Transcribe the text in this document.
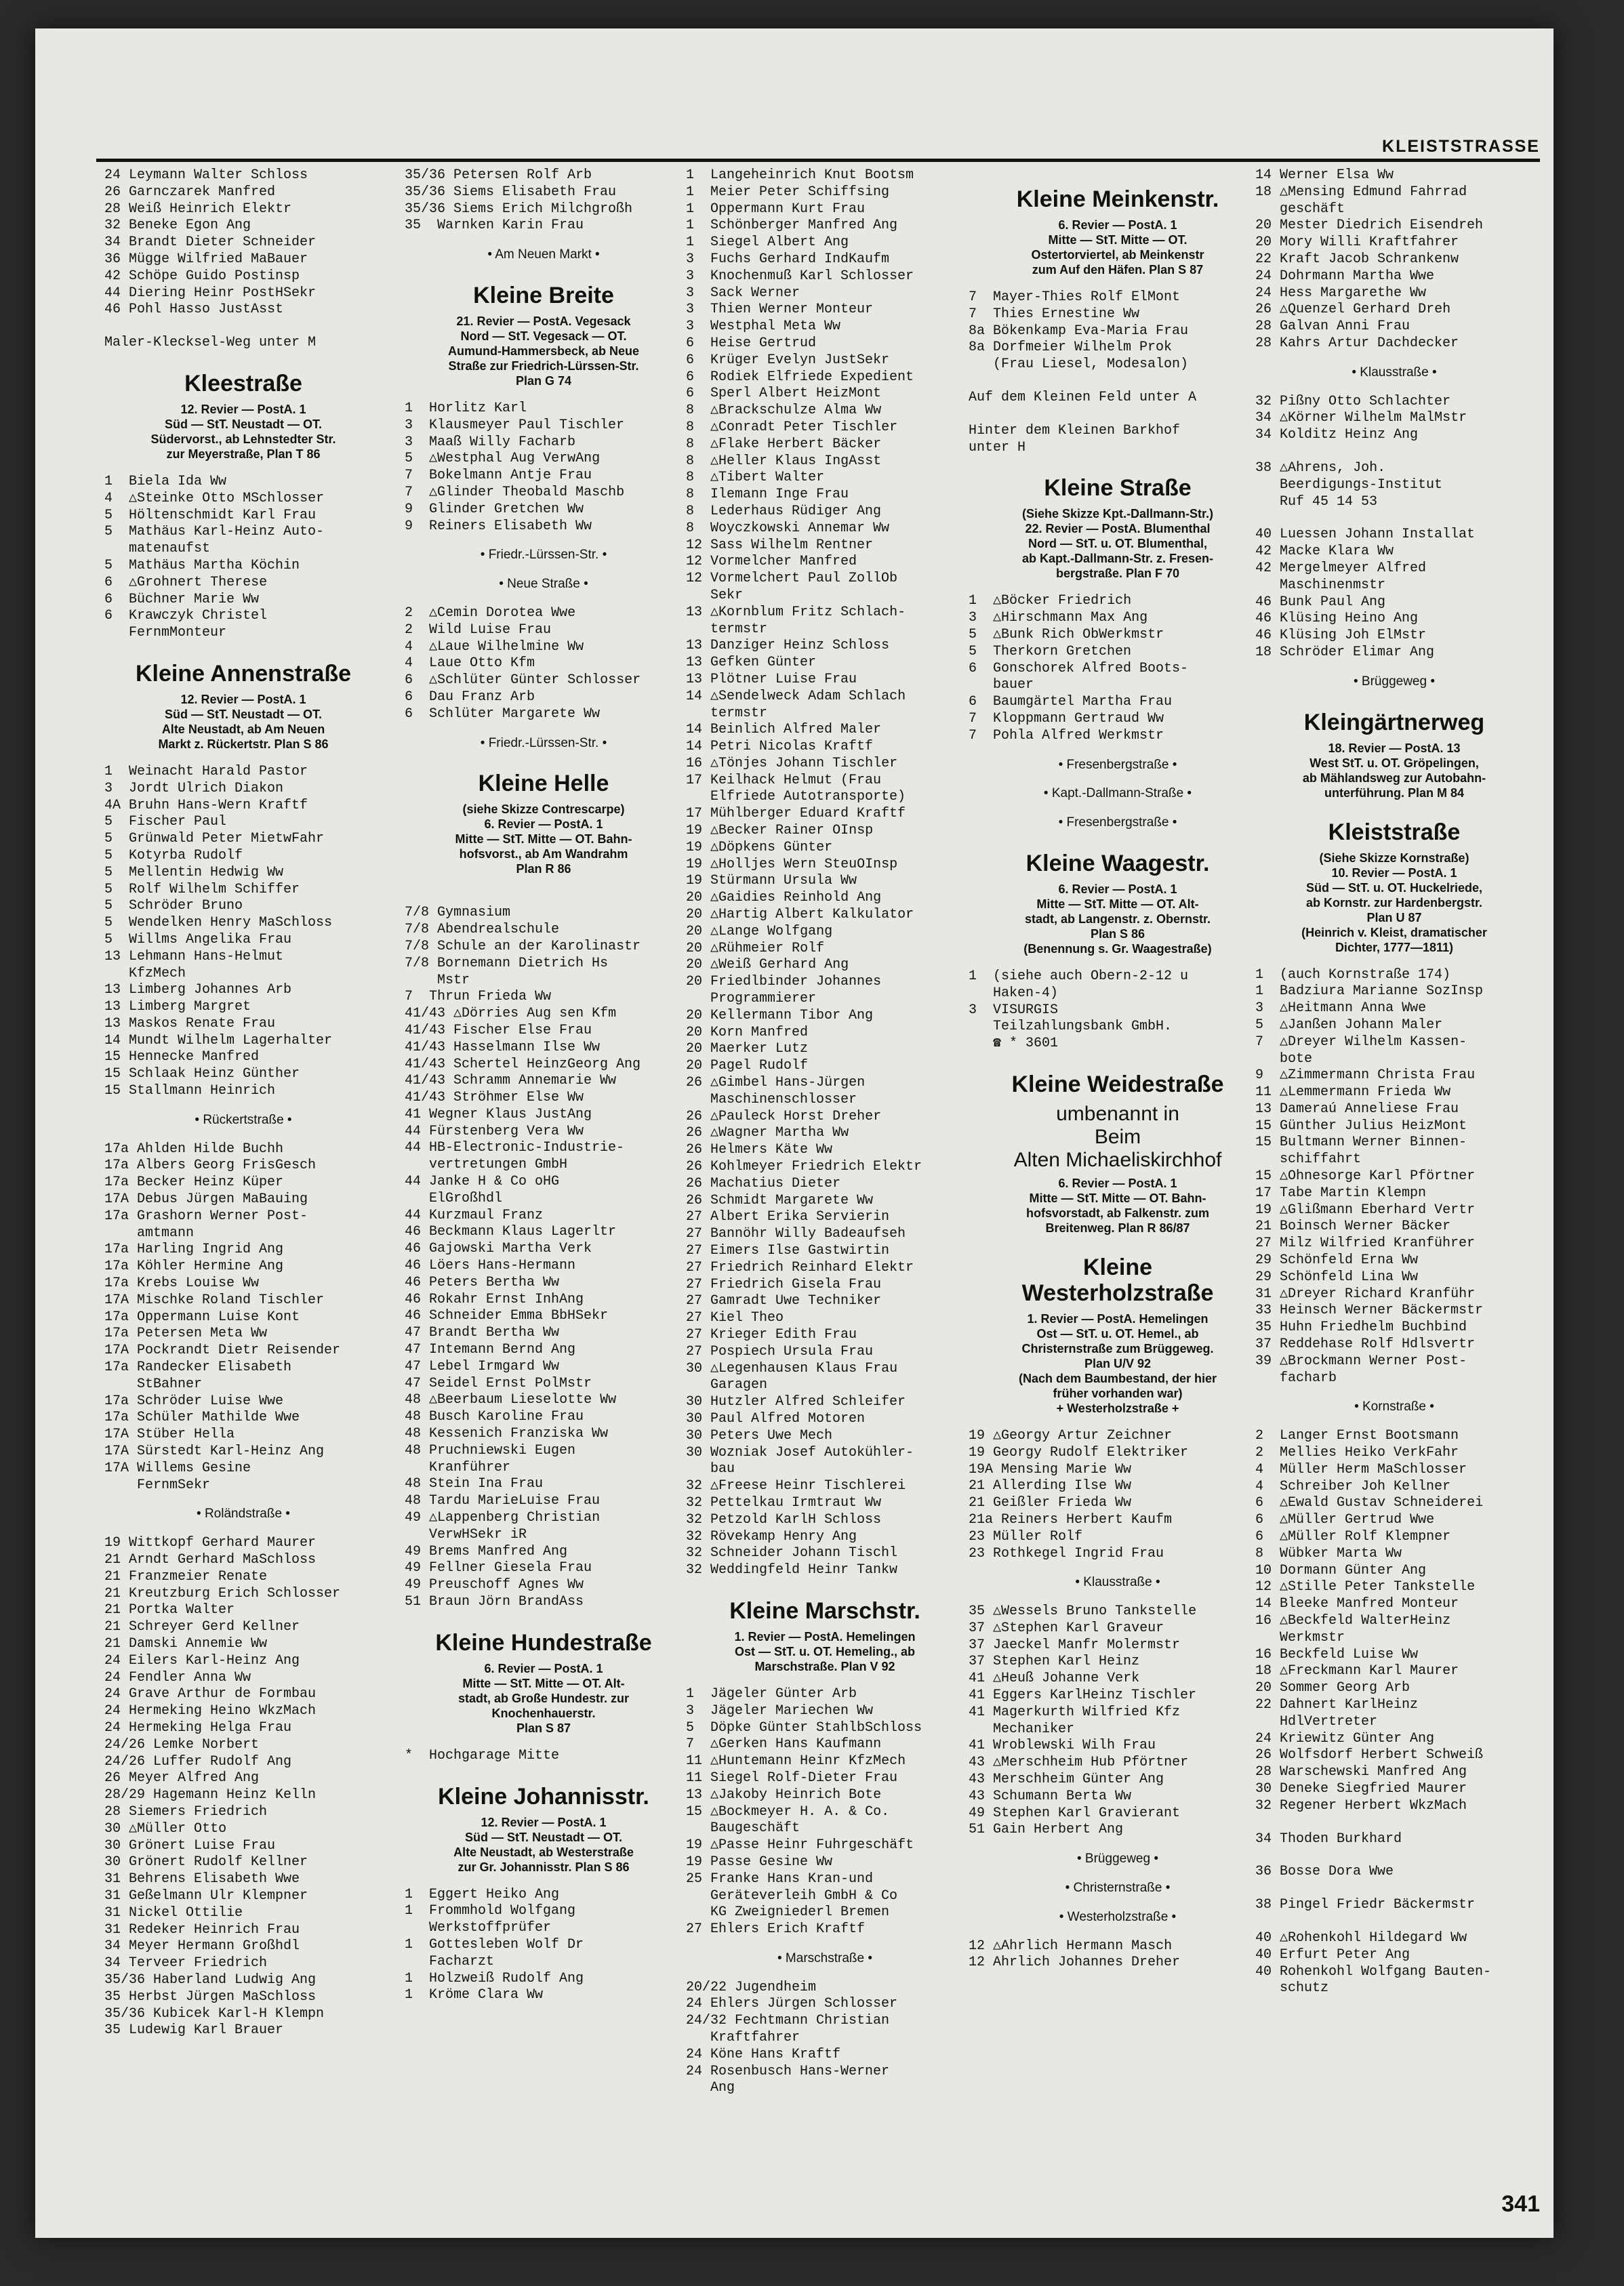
KLEISTSTRASSE
24 Leymann Walter Schloss
26 Garnczarek Manfred
28 Weiß Heinrich Elektr
32 Beneke Egon Ang
34 Brandt Dieter Schneider
36 Mügge Wilfried MaBauer
42 Schöpe Guido Postinsp
44 Diering Heinr PostHSekr
46 Pohl Hasso JustAsst
Maler-Klecksel-Weg unter M
Kleestraße
12. Revier — PostA. 1
Süd — StT. Neustadt — OT.
Südervorst., ab Lehnstedter Str.
zur Meyerstraße, Plan T 86
1  Biela Ida Ww
4  △Steinke Otto MSchlosser
5  Höltenschmidt Karl Frau
5  Mathäus Karl-Heinz Auto-
matenaufst
5  Mathäus Martha Köchin
6  △Grohnert Therese
6  Büchner Marie Ww
6  Krawczyk Christel
FernmMonteur
Kleine Annenstraße
12. Revier — PostA. 1
Süd — StT. Neustadt — OT.
Alte Neustadt, ab Am Neuen
Markt z. Rückertstr. Plan S 86
1  Weinacht Harald Pastor
3  Jordt Ulrich Diakon
4A Bruhn Hans-Wern Kraftf
5  Fischer Paul
5  Grünwald Peter MietwFahr
5  Kotyrba Rudolf
5  Mellentin Hedwig Ww
5  Rolf Wilhelm Schiffer
5  Schröder Bruno
5  Wendelken Henry MaSchloss
5  Willms Angelika Frau
13 Lehmann Hans-Helmut
KfzMech
13 Limberg Johannes Arb
13 Limberg Margret
13 Maskos Renate Frau
14 Mundt Wilhelm Lagerhalter
15 Hennecke Manfred
15 Schlaak Heinz Günther
15 Stallmann Heinrich
• Rückertstraße •
17a Ahlden Hilde Buchh
17a Albers Georg FrisGesch
17a Becker Heinz Küper
17A Debus Jürgen MaBauing
17a Grashorn Werner Post-
amtmann
17a Harling Ingrid Ang
17a Köhler Hermine Ang
17a Krebs Louise Ww
17A Mischke Roland Tischler
17a Oppermann Luise Kont
17a Petersen Meta Ww
17A Pockrandt Dietr Reisender
17a Randecker Elisabeth
StBahner
17a Schröder Luise Wwe
17a Schüler Mathilde Wwe
17A Stüber Hella
17A Sürstedt Karl-Heinz Ang
17A Willems Gesine
FernmSekr
• Roländstraße •
19 Wittkopf Gerhard Maurer
21 Arndt Gerhard MaSchloss
21 Franzmeier Renate
21 Kreutzburg Erich Schlosser
21 Portka Walter
21 Schreyer Gerd Kellner
21 Damski Annemie Ww
24 Eilers Karl-Heinz Ang
24 Fendler Anna Ww
24 Grave Arthur de Formbau
24 Hermeking Heino WkzMach
24 Hermeking Helga Frau
24/26 Lemke Norbert
24/26 Luffer Rudolf Ang
26 Meyer Alfred Ang
28/29 Hagemann Heinz Kelln
28 Siemers Friedrich
30 △Müller Otto
30 Grönert Luise Frau
30 Grönert Rudolf Kellner
31 Behrens Elisabeth Wwe
31 Geßelmann Ulr Klempner
31 Nickel Ottilie
31 Redeker Heinrich Frau
34 Meyer Hermann Großhdl
34 Terveer Friedrich
35/36 Haberland Ludwig Ang
35 Herbst Jürgen MaSchloss
35/36 Kubicek Karl-H Klempn
35 Ludewig Karl Brauer
35/36 Petersen Rolf Arb
35/36 Siems Elisabeth Frau
35/36 Siems Erich Milchgroßh
35  Warnken Karin Frau
• Am Neuen Markt •
Kleine Breite
21. Revier — PostA. Vegesack
Nord — StT. Vegesack — OT.
Aumund-Hammersbeck, ab Neue
Straße zur Friedrich-Lürssen-Str.
Plan G 74
1  Horlitz Karl
3  Klausmeyer Paul Tischler
3  Maaß Willy Facharb
5  △Westphal Aug VerwAng
7  Bokelmann Antje Frau
7  △Glinder Theobald Maschb
9  Glinder Gretchen Ww
9  Reiners Elisabeth Ww
• Friedr.-Lürssen-Str. •
• Neue Straße •
2  △Cemin Dorotea Wwe
2  Wild Luise Frau
4  △Laue Wilhelmine Ww
4  Laue Otto Kfm
6  △Schlüter Günter Schlosser
6  Dau Franz Arb
6  Schlüter Margarete Ww
• Friedr.-Lürssen-Str. •
Kleine Helle
(siehe Skizze Contrescarpe)
6. Revier — PostA. 1
Mitte — StT. Mitte — OT. Bahn-
hofsvorst., ab Am Wandrahm
Plan R 86
7/8 Gymnasium
7/8 Abendrealschule
7/8 Schule an der Karolinastr
7/8 Bornemann Dietrich Hs
Mstr
7  Thrun Frieda Ww
41/43 △Dörries Aug sen Kfm
41/43 Fischer Else Frau
41/43 Hasselmann Ilse Ww
41/43 Schertel HeinzGeorg Ang
41/43 Schramm Annemarie Ww
41/43 Ströhmer Else Ww
41 Wegner Klaus JustAng
44 Fürstenberg Vera Ww
44 HB-Electronic-Industrie-
vertretungen GmbH
44 Janke H & Co oHG
ElGroßhdl
44 Kurzmaul Franz
46 Beckmann Klaus Lagerltr
46 Gajowski Martha Verk
46 Löers Hans-Hermann
46 Peters Bertha Ww
46 Rokahr Ernst InhAng
46 Schneider Emma BbHSekr
47 Brandt Bertha Ww
47 Intemann Bernd Ang
47 Lebel Irmgard Ww
47 Seidel Ernst PolMstr
48 △Beerbaum Lieselotte Ww
48 Busch Karoline Frau
48 Kessenich Franziska Ww
48 Pruchniewski Eugen
Kranführer
48 Stein Ina Frau
48 Tardu MarieLuise Frau
49 △Lappenberg Christian
VerwHSekr iR
49 Brems Manfred Ang
49 Fellner Giesela Frau
49 Preuschoff Agnes Ww
51 Braun Jörn BrandAss
Kleine Hundestraße
6. Revier — PostA. 1
Mitte — StT. Mitte — OT. Alt-
stadt, ab Große Hundestr. zur
Knochenhauerstr.
Plan S 87
*  Hochgarage Mitte
Kleine Johannisstr.
12. Revier — PostA. 1
Süd — StT. Neustadt — OT.
Alte Neustadt, ab Westerstraße
zur Gr. Johannisstr. Plan S 86
1  Eggert Heiko Ang
1  Frommhold Wolfgang
Werkstoffprüfer
1  Gottesleben Wolf Dr
Facharzt
1  Holzweiß Rudolf Ang
1  Kröme Clara Ww
1  Langeheinrich Knut Bootsm
1  Meier Peter Schiffsing
1  Oppermann Kurt Frau
1  Schönberger Manfred Ang
1  Siegel Albert Ang
3  Fuchs Gerhard IndKaufm
3  Knochenmuß Karl Schlosser
3  Sack Werner
3  Thien Werner Monteur
3  Westphal Meta Ww
6  Heise Gertrud
6  Krüger Evelyn JustSekr
6  Rodiek Elfriede Expedient
6  Sperl Albert HeizMont
8  △Brackschulze Alma Ww
8  △Conradt Peter Tischler
8  △Flake Herbert Bäcker
8  △Heller Klaus IngAsst
8  △Tibert Walter
8  Ilemann Inge Frau
8  Lederhaus Rüdiger Ang
8  Woyczkowski Annemar Ww
12 Sass Wilhelm Rentner
12 Vormelcher Manfred
12 Vormelchert Paul ZollOb
Sekr
13 △Kornblum Fritz Schlach-
termstr
13 Danziger Heinz Schloss
13 Gefken Günter
13 Plötner Luise Frau
14 △Sendelweck Adam Schlach
termstr
14 Beinlich Alfred Maler
14 Petri Nicolas Kraftf
16 △Tönjes Johann Tischler
17 Keilhack Helmut (Frau
Elfriede Autotransporte)
17 Mühlberger Eduard Kraftf
19 △Becker Rainer OInsp
19 △Döpkens Günter
19 △Holljes Wern SteuOInsp
19 Stürmann Ursula Ww
20 △Gaidies Reinhold Ang
20 △Hartig Albert Kalkulator
20 △Lange Wolfgang
20 △Rühmeier Rolf
20 △Weiß Gerhard Ang
20 Friedlbinder Johannes
Programmierer
20 Kellermann Tibor Ang
20 Korn Manfred
20 Maerker Lutz
20 Pagel Rudolf
26 △Gimbel Hans-Jürgen
Maschinenschlosser
26 △Pauleck Horst Dreher
26 △Wagner Martha Ww
26 Helmers Käte Ww
26 Kohlmeyer Friedrich Elektr
26 Machatius Dieter
26 Schmidt Margarete Ww
27 Albert Erika Servierin
27 Bannöhr Willy Badeaufseh
27 Eimers Ilse Gastwirtin
27 Friedrich Reinhard Elektr
27 Friedrich Gisela Frau
27 Gamradt Uwe Techniker
27 Kiel Theo
27 Krieger Edith Frau
27 Pospiech Ursula Frau
30 △Legenhausen Klaus Frau
Garagen
30 Hutzler Alfred Schleifer
30 Paul Alfred Motoren
30 Peters Uwe Mech
30 Wozniak Josef Autokühler-
bau
32 △Freese Heinr Tischlerei
32 Pettelkau Irmtraut Ww
32 Petzold KarlH Schloss
32 Rövekamp Henry Ang
32 Schneider Johann Tischl
32 Weddingfeld Heinr Tankw
Kleine Marschstr.
1. Revier — PostA. Hemelingen
Ost — StT. u. OT. Hemeling., ab
Marschstraße. Plan V 92
1  Jägeler Günter Arb
3  Jägeler Mariechen Ww
5  Döpke Günter StahlbSchloss
7  △Gerken Hans Kaufmann
11 △Huntemann Heinr KfzMech
11 Siegel Rolf-Dieter Frau
13 △Jakoby Heinrich Bote
15 △Bockmeyer H. A. & Co.
Baugeschäft
19 △Passe Heinr Fuhrgeschäft
19 Passe Gesine Ww
25 Franke Hans Kran-und
Geräteverleih GmbH & Co
KG Zweigniederl Bremen
27 Ehlers Erich Kraftf
• Marschstraße •
20/22 Jugendheim
24 Ehlers Jürgen Schlosser
24/32 Fechtmann Christian
Kraftfahrer
24 Köne Hans Kraftf
24 Rosenbusch Hans-Werner
Ang
Kleine Meinkenstr.
6. Revier — PostA. 1
Mitte — StT. Mitte — OT.
Ostertorviertel, ab Meinkenstr
zum Auf den Häfen. Plan S 87
7  Mayer-Thies Rolf ElMont
7  Thies Ernestine Ww
8a Bökenkamp Eva-Maria Frau
8a Dorfmeier Wilhelm Prok
(Frau Liesel, Modesalon)
Auf dem Kleinen Feld unter A
Hinter dem Kleinen Barkhof
unter H
Kleine Straße
(Siehe Skizze Kpt.-Dallmann-Str.)
22. Revier — PostA. Blumenthal
Nord — StT. u. OT. Blumenthal,
ab Kapt.-Dallmann-Str. z. Fresen-
bergstraße. Plan F 70
1  △Böcker Friedrich
3  △Hirschmann Max Ang
5  △Bunk Rich ObWerkmstr
5  Therkorn Gretchen
6  Gonschorek Alfred Boots-
bauer
6  Baumgärtel Martha Frau
7  Kloppmann Gertraud Ww
7  Pohla Alfred Werkmstr
• Fresenbergstraße •
• Kapt.-Dallmann-Straße •
• Fresenbergstraße •
Kleine Waagestr.
6. Revier — PostA. 1
Mitte — StT. Mitte — OT. Alt-
stadt, ab Langenstr. z. Obernstr.
Plan S 86
(Benennung s. Gr. Waagestraße)
1  (siehe auch Obern-2-12 u
Haken-4)
3  VISURGIS
Teilzahlungsbank GmbH.
☎ * 3601
Kleine Weidestraße
umbenannt in
Beim
Alten Michaeliskirchhof
6. Revier — PostA. 1
Mitte — StT. Mitte — OT. Bahn-
hofsvorstadt, ab Falkenstr. zum
Breitenweg. Plan R 86/87
Kleine
Westerholzstraße
1. Revier — PostA. Hemelingen
Ost — StT. u. OT. Hemel., ab
Christernstraße zum Brüggeweg.
Plan U/V 92
(Nach dem Baumbestand, der hier
früher vorhanden war)
+ Westerholzstraße +
19 △Georgy Artur Zeichner
19 Georgy Rudolf Elektriker
19A Mensing Marie Ww
21 Allerding Ilse Ww
21 Geißler Frieda Ww
21a Reiners Herbert Kaufm
23 Müller Rolf
23 Rothkegel Ingrid Frau
• Klausstraße •
35 △Wessels Bruno Tankstelle
37 △Stephen Karl Graveur
37 Jaeckel Manfr Molermstr
37 Stephen Karl Heinz
41 △Heuß Johanne Verk
41 Eggers KarlHeinz Tischler
41 Magerkurth Wilfried Kfz
Mechaniker
41 Wroblewski Wilh Frau
43 △Merschheim Hub Pförtner
43 Merschheim Günter Ang
43 Schumann Berta Ww
49 Stephen Karl Gravierant
51 Gain Herbert Ang
• Brüggeweg •
• Christernstraße •
• Westerholzstraße •
12 △Ahrlich Hermann Masch
12 Ahrlich Johannes Dreher
14 Werner Elsa Ww
18 △Mensing Edmund Fahrrad
geschäft
20 Mester Diedrich Eisendreh
20 Mory Willi Kraftfahrer
22 Kraft Jacob Schrankenw
24 Dohrmann Martha Wwe
24 Hess Margarethe Ww
26 △Quenzel Gerhard Dreh
28 Galvan Anni Frau
28 Kahrs Artur Dachdecker
• Klausstraße •
32 Pißny Otto Schlachter
34 △Körner Wilhelm MalMstr
34 Kolditz Heinz Ang
38 △Ahrens, Joh.
Beerdigungs-Institut
Ruf 45 14 53
40 Luessen Johann Installat
42 Macke Klara Ww
42 Mergelmeyer Alfred
Maschinenmstr
46 Bunk Paul Ang
46 Klüsing Heino Ang
46 Klüsing Joh ElMstr
18 Schröder Elimar Ang
• Brüggeweg •
Kleingärtnerweg
18. Revier — PostA. 13
West StT. u. OT. Gröpelingen,
ab Mählandsweg zur Autobahn-
unterführung. Plan M 84
Kleiststraße
(Siehe Skizze Kornstraße)
10. Revier — PostA. 1
Süd — StT. u. OT. Huckelriede,
ab Kornstr. zur Hardenbergstr.
Plan U 87
(Heinrich v. Kleist, dramatischer
Dichter, 1777—1811)
1  (auch Kornstraße 174)
1  Badziura Marianne SozInsp
3  △Heitmann Anna Wwe
5  △Janßen Johann Maler
7  △Dreyer Wilhelm Kassen-
bote
9  △Zimmermann Christa Frau
11 △Lemmermann Frieda Ww
13 Dameraú Anneliese Frau
15 Günther Julius HeizMont
15 Bultmann Werner Binnen-
schiffahrt
15 △Ohnesorge Karl Pförtner
17 Tabe Martin Klempn
19 △Glißmann Eberhard Vertr
21 Boinsch Werner Bäcker
27 Milz Wilfried Kranführer
29 Schönfeld Erna Ww
29 Schönfeld Lina Ww
31 △Dreyer Richard Kranführ
33 Heinsch Werner Bäckermstr
35 Huhn Friedhelm Buchbind
37 Reddehase Rolf Hdlsvertr
39 △Brockmann Werner Post-
facharb
• Kornstraße •
2  Langer Ernst Bootsmann
2  Mellies Heiko VerkFahr
4  Müller Herm MaSchlosser
4  Schreiber Joh Kellner
6  △Ewald Gustav Schneiderei
6  △Müller Gertrud Wwe
6  △Müller Rolf Klempner
8  Wübker Marta Ww
10 Dormann Günter Ang
12 △Stille Peter Tankstelle
14 Bleeke Manfred Monteur
16 △Beckfeld WalterHeinz
Werkmstr
16 Beckfeld Luise Ww
18 △Freckmann Karl Maurer
20 Sommer Georg Arb
22 Dahnert KarlHeinz
HdlVertreter
24 Kriewitz Günter Ang
26 Wolfsdorf Herbert Schweiß
28 Warschewski Manfred Ang
30 Deneke Siegfried Maurer
32 Regener Herbert WkzMach
34 Thoden Burkhard
36 Bosse Dora Wwe
38 Pingel Friedr Bäckermstr
40 △Rohenkohl Hildegard Ww
40 Erfurt Peter Ang
40 Rohenkohl Wolfgang Bauten-
schutz
341
